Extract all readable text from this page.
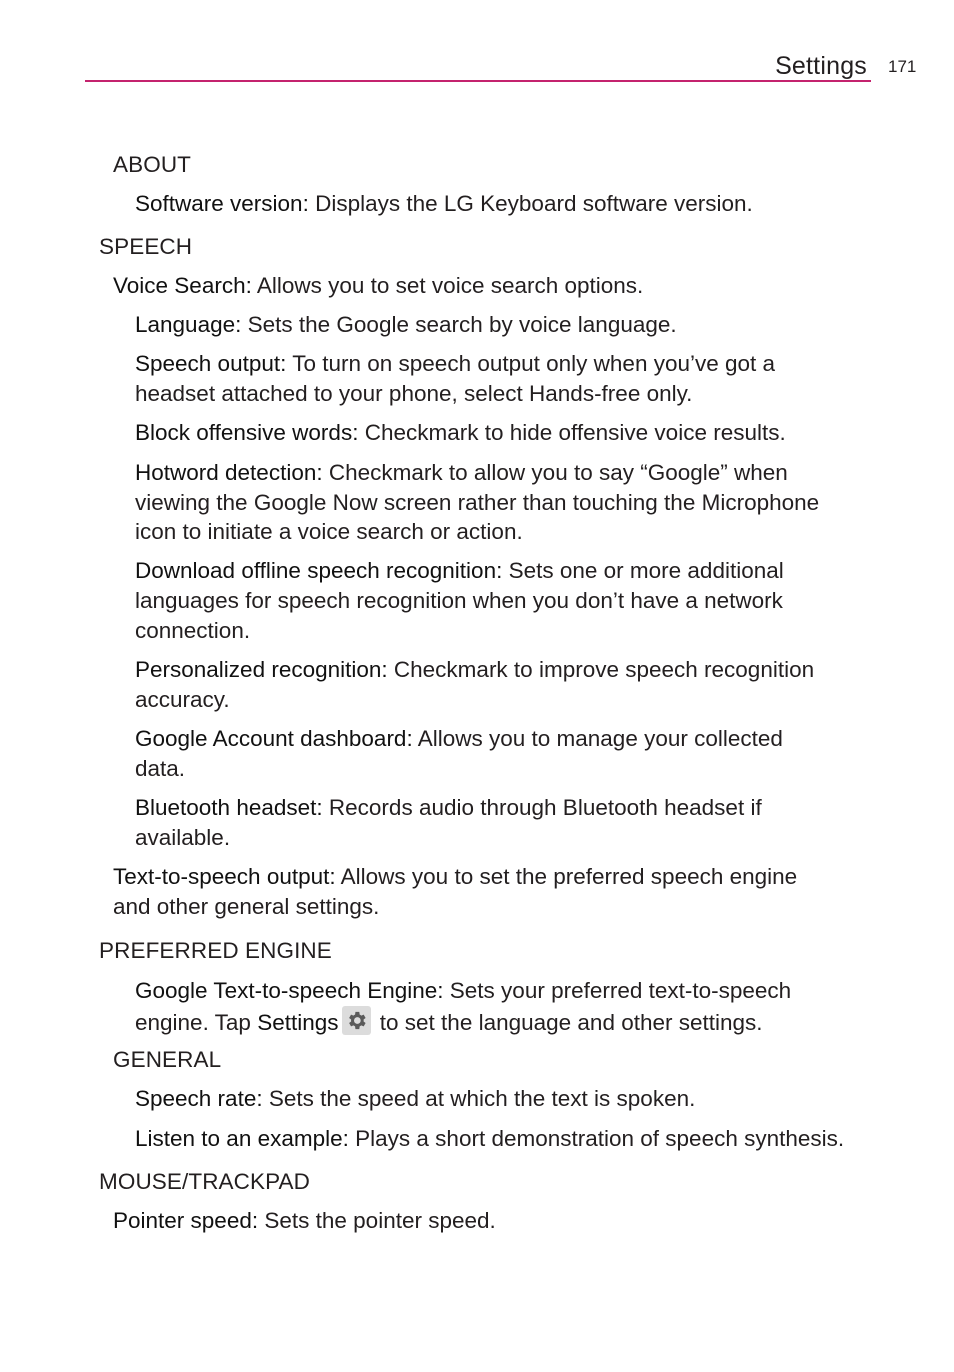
Settings 171
ABOUT
Software version: Displays the LG Keyboard software version.
SPEECH
Voice Search: Allows you to set voice search options.
Language: Sets the Google search by voice language.
Speech output: To turn on speech output only when you’ve got a
headset attached to your phone, select Hands-free only.
Block offensive words: Checkmark to hide offensive voice results.
Hotword detection: Checkmark to allow you to say “Google” when
viewing the Google Now screen rather than touching the Microphone
icon to initiate a voice search or action.
Download offline speech recognition: Sets one or more additional
languages for speech recognition when you don’t have a network
connection.
Personalized recognition: Checkmark to improve speech recognition
accuracy.
Google Account dashboard: Allows you to manage your collected
data.
Bluetooth headset: Records audio through Bluetooth headset if
available.
Text-to-speech output: Allows you to set the preferred speech engine
and other general settings.
PREFERRED ENGINE
Google Text-to-speech Engine: Sets your preferred text-to-speech
engine. Tap Settings
to set the language and other settings.
GENERAL
Speech rate: Sets the speed at which the text is spoken.
Listen to an example: Plays a short demonstration of speech synthesis.
MOUSE/TRACKPAD
Pointer speed: Sets the pointer speed.
